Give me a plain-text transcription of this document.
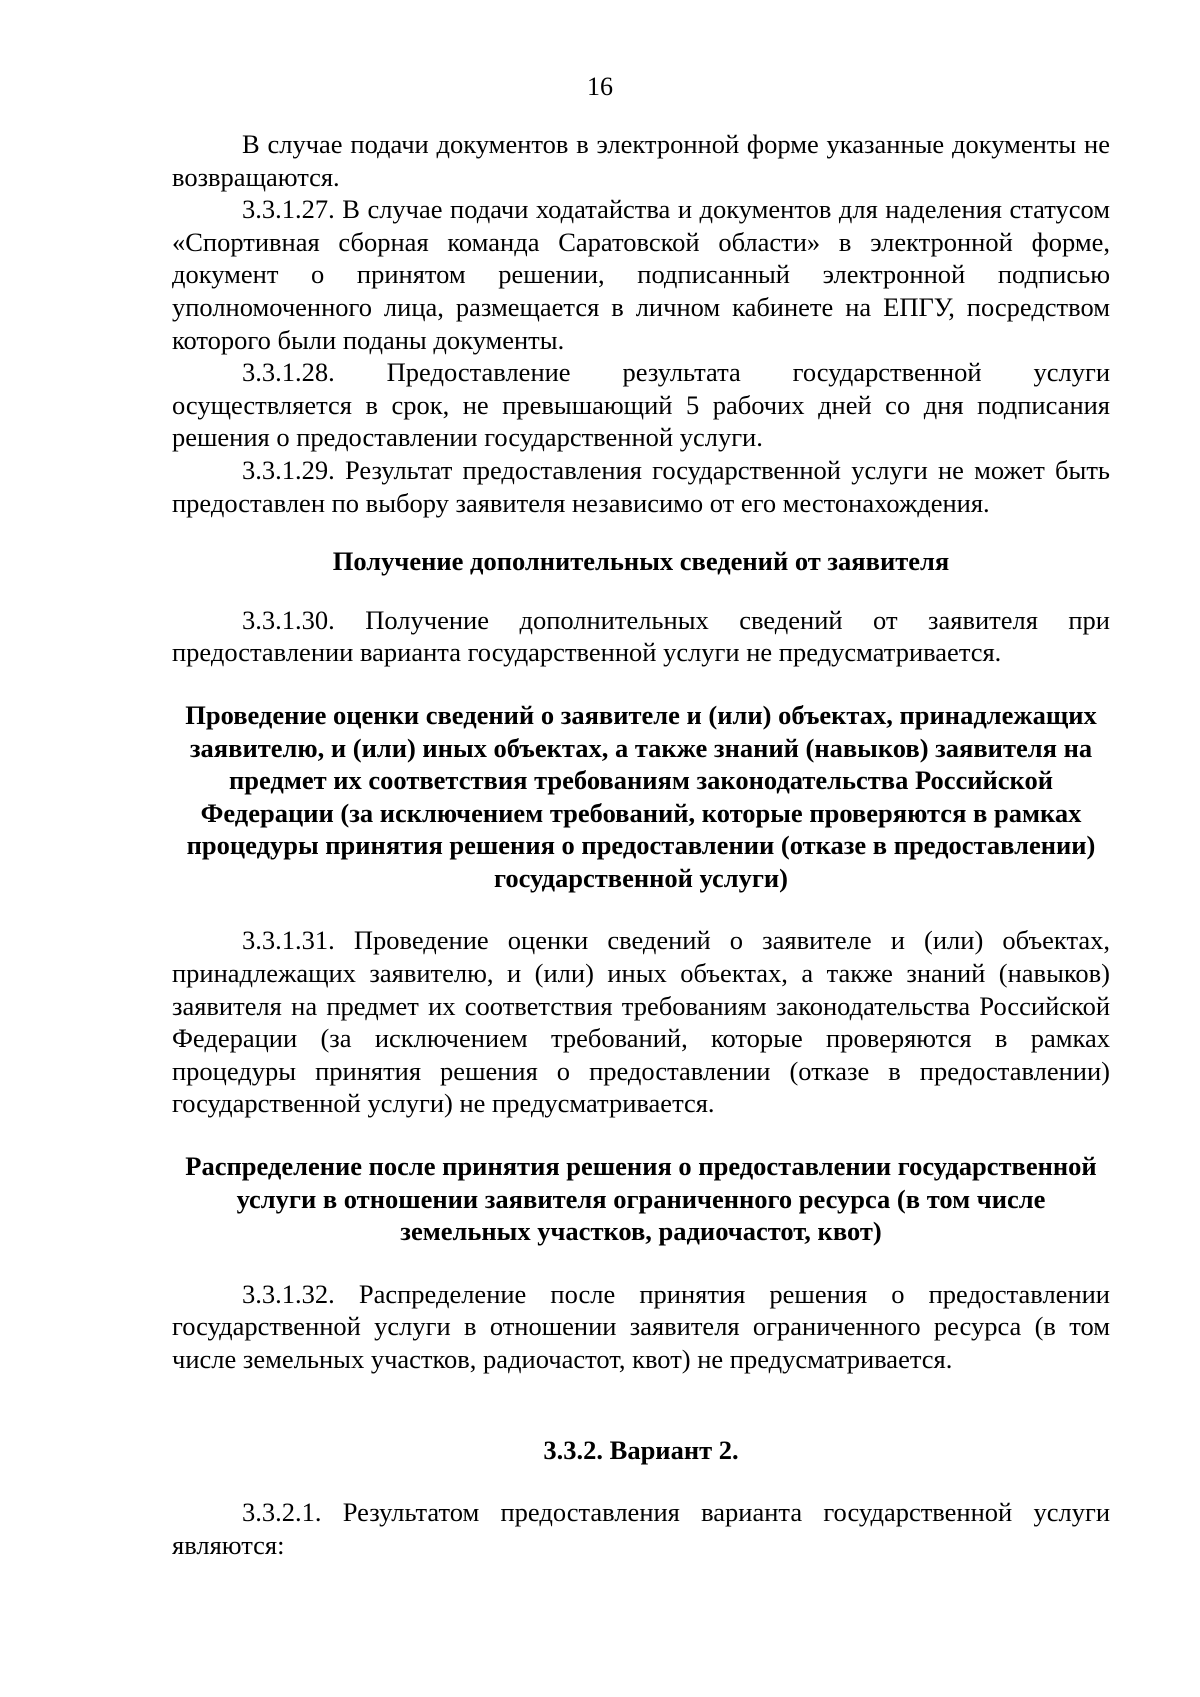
16

В случае подачи документов в электронной форме указанные документы не возвращаются.

3.3.1.27. В случае подачи ходатайства и документов для наделения статусом «Спортивная сборная команда Саратовской области» в электронной форме, документ о принятом решении, подписанный электронной подписью уполномоченного лица, размещается в личном кабинете на ЕПГУ, посредством которого были поданы документы.

3.3.1.28. Предоставление результата государственной услуги осуществляется в срок, не превышающий 5 рабочих дней со дня подписания решения о предоставлении государственной услуги.

3.3.1.29. Результат предоставления государственной услуги не может быть предоставлен по выбору заявителя независимо от его местонахождения.

Получение дополнительных сведений от заявителя

3.3.1.30. Получение дополнительных сведений от заявителя при предоставлении варианта государственной услуги не предусматривается.

Проведение оценки сведений о заявителе и (или) объектах, принадлежащих заявителю, и (или) иных объектах, а также знаний (навыков) заявителя на предмет их соответствия требованиям законодательства Российской Федерации (за исключением требований, которые проверяются в рамках процедуры принятия решения о предоставлении (отказе в предоставлении) государственной услуги)

3.3.1.31. Проведение оценки сведений о заявителе и (или) объектах, принадлежащих заявителю, и (или) иных объектах, а также знаний (навыков) заявителя на предмет их соответствия требованиям законодательства Российской Федерации (за исключением требований, которые проверяются в рамках процедуры принятия решения о предоставлении (отказе в предоставлении) государственной услуги) не предусматривается.

Распределение после принятия решения о предоставлении государственной услуги в отношении заявителя ограниченного ресурса (в том числе земельных участков, радиочастот, квот)

3.3.1.32. Распределение после принятия решения о предоставлении государственной услуги в отношении заявителя ограниченного ресурса (в том числе земельных участков, радиочастот, квот) не предусматривается.

3.3.2. Вариант 2.

3.3.2.1. Результатом предоставления варианта государственной услуги являются:
